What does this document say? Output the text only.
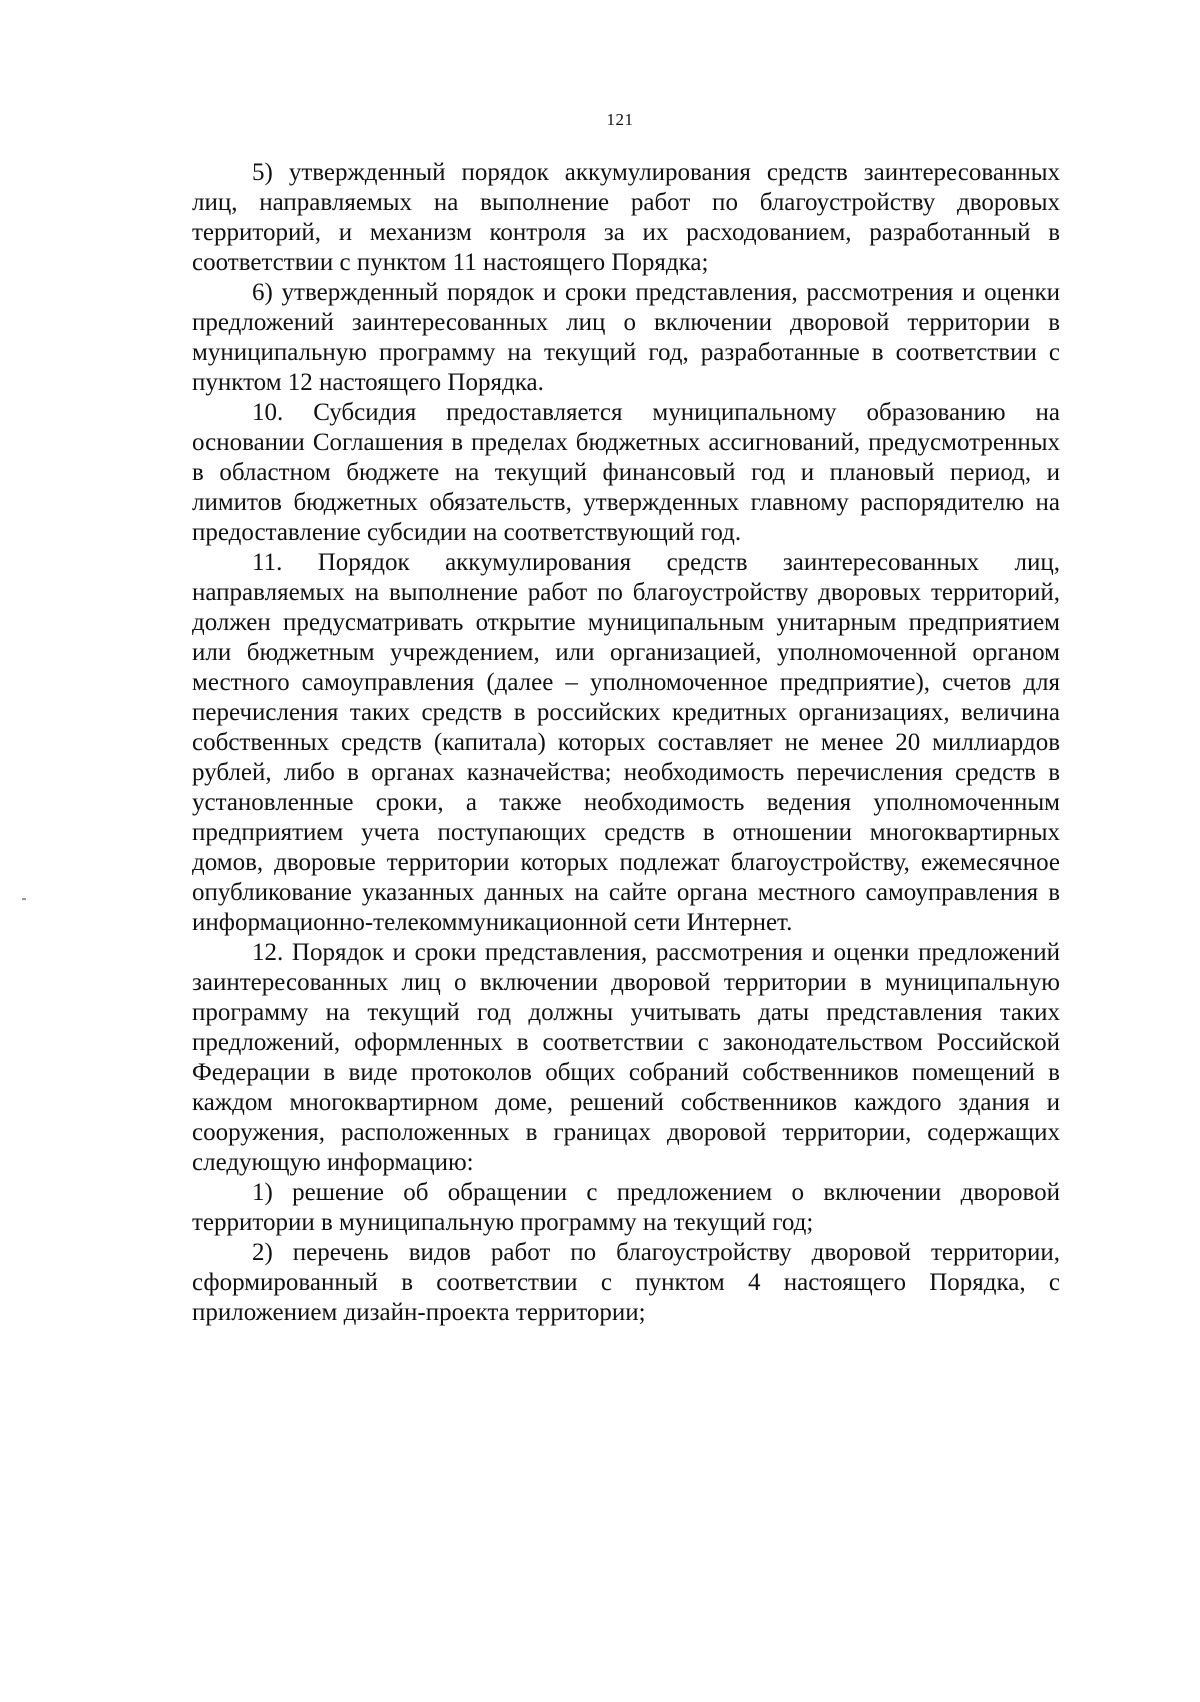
121

5) утвержденный порядок аккумулирования средств заинтересованных лиц, направляемых на выполнение работ по благоустройству дворовых территорий, и механизм контроля за их расходованием, разработанный в соответствии с пунктом 11 настоящего Порядка;

6) утвержденный порядок и сроки представления, рассмотрения и оценки предложений заинтересованных лиц о включении дворовой территории в муниципальную программу на текущий год, разработанные в соответствии с пунктом 12 настоящего Порядка.

10. Субсидия предоставляется муниципальному образованию на основании Соглашения в пределах бюджетных ассигнований, предусмотренных в областном бюджете на текущий финансовый год и плановый период, и лимитов бюджетных обязательств, утвержденных главному распорядителю на предоставление субсидии на соответствующий год.

11. Порядок аккумулирования средств заинтересованных лиц, направляемых на выполнение работ по благоустройству дворовых территорий, должен предусматривать открытие муниципальным унитарным предприятием или бюджетным учреждением, или организацией, уполномоченной органом местного самоуправления (далее – уполномоченное предприятие), счетов для перечисления таких средств в российских кредитных организациях, величина собственных средств (капитала) которых составляет не менее 20 миллиардов рублей, либо в органах казначейства; необходимость перечисления средств в установленные сроки, а также необходимость ведения уполномоченным предприятием учета поступающих средств в отношении многоквартирных домов, дворовые территории которых подлежат благоустройству, ежемесячное опубликование указанных данных на сайте органа местного самоуправления в информационно-телекоммуникационной сети Интернет.

12. Порядок и сроки представления, рассмотрения и оценки предложений заинтересованных лиц о включении дворовой территории в муниципальную программу на текущий год должны учитывать даты представления таких предложений, оформленных в соответствии с законодательством Российской Федерации в виде протоколов общих собраний собственников помещений в каждом многоквартирном доме, решений собственников каждого здания и сооружения, расположенных в границах дворовой территории, содержащих следующую информацию:

1) решение об обращении с предложением о включении дворовой территории в муниципальную программу на текущий год;

2) перечень видов работ по благоустройству дворовой территории, сформированный в соответствии с пунктом 4 настоящего Порядка, с приложением дизайн-проекта территории;
